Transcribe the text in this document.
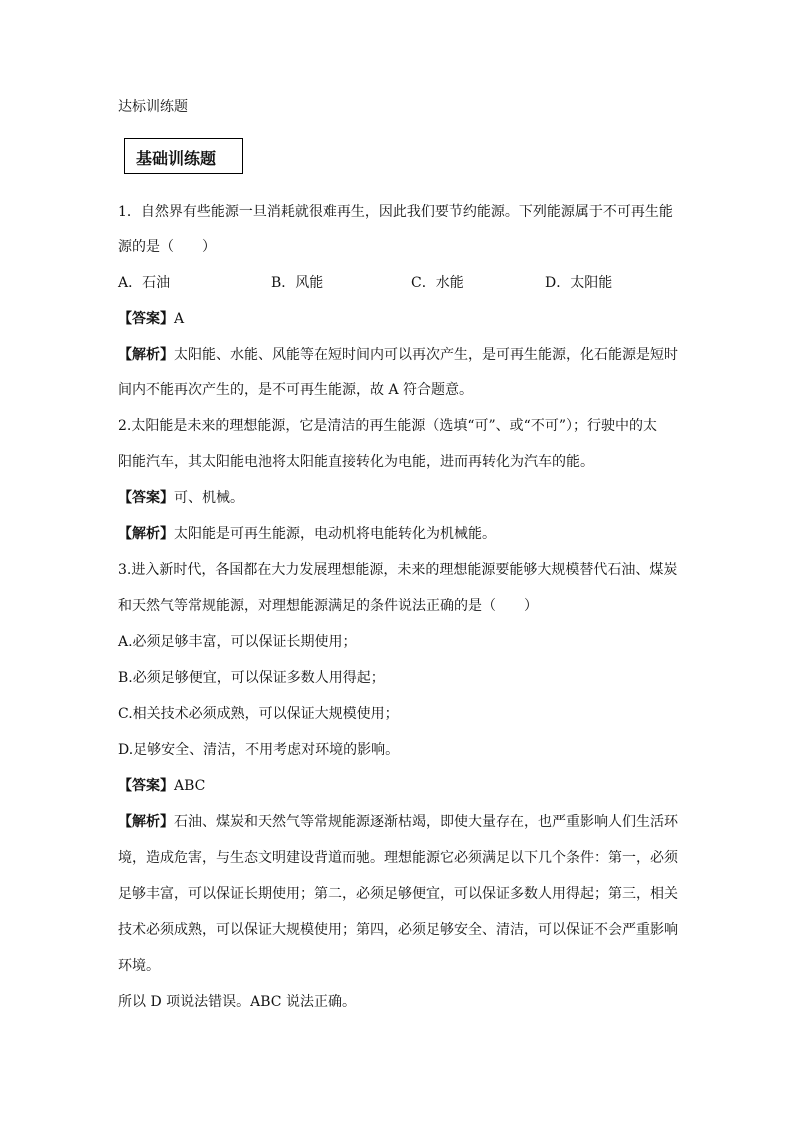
达标训练题
基础训练题
1．自然界有些能源一旦消耗就很难再生，因此我们要节约能源。下列能源属于不可再生能
源的是（　　）
A．石油	B．风能	C．水能	D．太阳能
【答案】A
【解析】太阳能、水能、风能等在短时间内可以再次产生，是可再生能源，化石能源是短时
间内不能再次产生的，是不可再生能源，故 A 符合题意。
2.太阳能是未来的理想能源，它是清洁的再生能源（选填“可”、或“不可”）；行驶中的太
阳能汽车，其太阳能电池将太阳能直接转化为电能，进而再转化为汽车的能。
【答案】可、机械。
【解析】太阳能是可再生能源，电动机将电能转化为机械能。
3.进入新时代，各国都在大力发展理想能源，未来的理想能源要能够大规模替代石油、煤炭
和天然气等常规能源，对理想能源满足的条件说法正确的是（　　）
A.必须足够丰富，可以保证长期使用；
B.必须足够便宜，可以保证多数人用得起；
C.相关技术必须成熟，可以保证大规模使用；
D.足够安全、清洁，不用考虑对环境的影响。
【答案】ABC
【解析】石油、煤炭和天然气等常规能源逐渐枯竭，即使大量存在，也严重影响人们生活环
境，造成危害，与生态文明建设背道而驰。理想能源它必须满足以下几个条件：第一，必须
足够丰富，可以保证长期使用；第二，必须足够便宜，可以保证多数人用得起；第三，相关
技术必须成熟，可以保证大规模使用；第四，必须足够安全、清洁，可以保证不会严重影响
环境。
所以 D 项说法错误。ABC 说法正确。
